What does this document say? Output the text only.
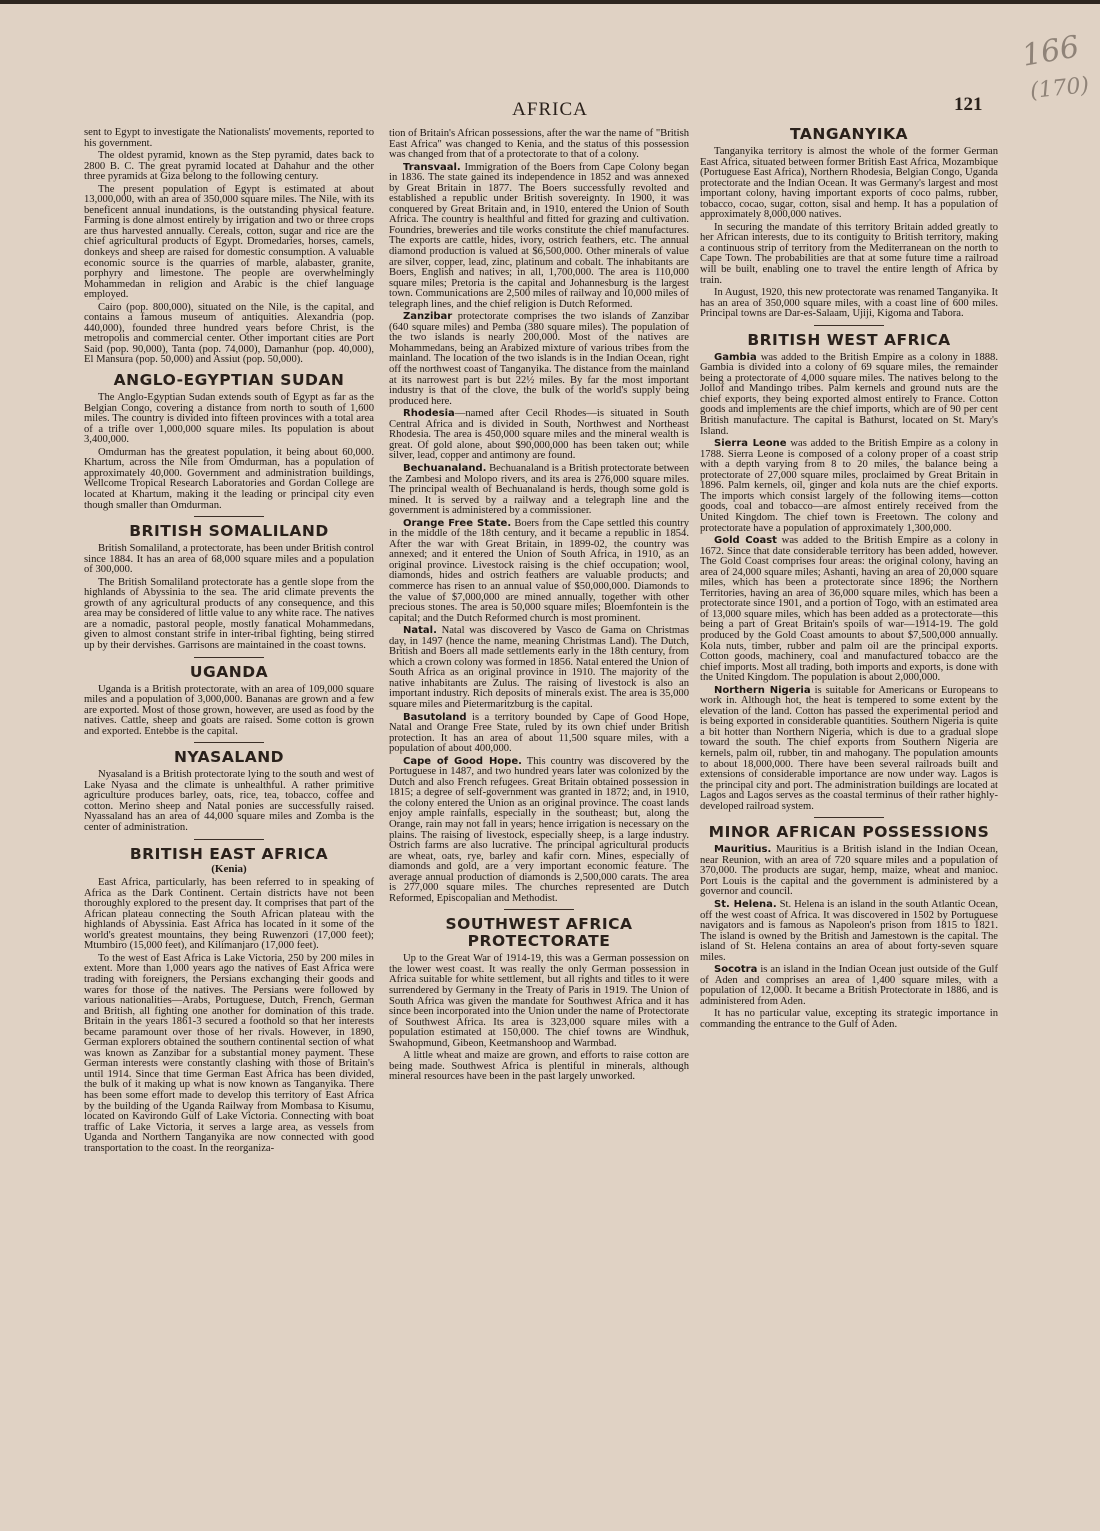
166
(170)
AFRICA	121

sent to Egypt to investigate the Nationalists' movements, reported to his government.

The oldest pyramid, known as the Step pyramid, dates back to 2800 B. C. The great pyramid located at Dahahur and the other three pyramids at Giza belong to the following century.

The present population of Egypt is estimated at about 13,000,000, with an area of 350,000 square miles. The Nile, with its beneficent annual inundations, is the outstanding physical feature. Farming is done almost entirely by irrigation and two or three crops are thus harvested annually. Cereals, cotton, sugar and rice are the chief agricultural products of Egypt. Dromedaries, horses, camels, donkeys and sheep are raised for domestic consumption. A valuable economic source is the quarries of marble, alabaster, granite, porphyry and limestone. The people are overwhelmingly Mohammedan in religion and Arabic is the chief language employed.

Cairo (pop. 800,000), situated on the Nile, is the capital, and contains a famous museum of antiquities. Alexandria (pop. 440,000), founded three hundred years before Christ, is the metropolis and commercial center. Other important cities are Port Said (pop. 90,000), Tanta (pop. 74,000), Damanhur (pop. 40,000), El Mansura (pop. 50,000) and Assiut (pop. 50,000).

ANGLO-EGYPTIAN SUDAN

The Anglo-Egyptian Sudan extends south of Egypt as far as the Belgian Congo, covering a distance from north to south of 1,600 miles. The country is divided into fifteen provinces with a total area of a trifle over 1,000,000 square miles. Its population is about 3,400,000.

Omdurman has the greatest population, it being about 60,000. Khartum, across the Nile from Omdurman, has a population of approximately 40,000. Government and administration buildings, Wellcome Tropical Research Laboratories and Gordan College are located at Khartum, making it the leading or principal city even though smaller than Omdurman.

BRITISH SOMALILAND

British Somaliland, a protectorate, has been under British control since 1884. It has an area of 68,000 square miles and a population of 300,000.

The British Somaliland protectorate has a gentle slope from the highlands of Abyssinia to the sea. The arid climate prevents the growth of any agricultural products of any consequence, and this area may be considered of little value to any white race. The natives are a nomadic, pastoral people, mostly fanatical Mohammedans, given to almost constant strife in inter-tribal fighting, being stirred up by their dervishes. Garrisons are maintained in the coast towns.

UGANDA

Uganda is a British protectorate, with an area of 109,000 square miles and a population of 3,000,000. Bananas are grown and a few are exported. Most of those grown, however, are used as food by the natives. Cattle, sheep and goats are raised. Some cotton is grown and exported. Entebbe is the capital.

NYASALAND

Nyasaland is a British protectorate lying to the south and west of Lake Nyasa and the climate is unhealthful. A rather primitive agriculture produces barley, oats, rice, tea, tobacco, coffee and cotton. Merino sheep and Natal ponies are successfully raised. Nyassaland has an area of 44,000 square miles and Zomba is the center of administration.

BRITISH EAST AFRICA
(Kenia)

East Africa, particularly, has been referred to in speaking of Africa as the Dark Continent. Certain districts have not been thoroughly explored to the present day. It comprises that part of the African plateau connecting the South African plateau with the highlands of Abyssinia. East Africa has located in it some of the world's greatest mountains, they being Ruwenzori (17,000 feet); Mtumbiro (15,000 feet), and Kilimanjaro (17,000 feet).

To the west of East Africa is Lake Victoria, 250 by 200 miles in extent. More than 1,000 years ago the natives of East Africa were trading with foreigners, the Persians exchanging their goods and wares for those of the natives. The Persians were followed by various nationalities—Arabs, Portuguese, Dutch, French, German and British, all fighting one another for domination of this trade. Britain in the years 1861-3 secured a foothold so that her interests became paramount over those of her rivals. However, in 1890, German explorers obtained the southern continental section of what was known as Zanzibar for a substantial money payment. These German interests were constantly clashing with those of Britain's until 1914. Since that time German East Africa has been divided, the bulk of it making up what is now known as Tanganyika. There has been some effort made to develop this territory of East Africa by the building of the Uganda Railway from Mombasa to Kisumu, located on Kavirondo Gulf of Lake Victoria. Connecting with boat traffic of Lake Victoria, it serves a large area, as vessels from Uganda and Northern Tanganyika are now connected with good transportation to the coast. In the reorganiza-

tion of Britain's African possessions, after the war the name of "British East Africa" was changed to Kenia, and the status of this possession was changed from that of a protectorate to that of a colony.

Transvaal. Immigration of the Boers from Cape Colony began in 1836. The state gained its independence in 1852 and was annexed by Great Britain in 1877. The Boers successfully revolted and established a republic under British sovereignty. In 1900, it was conquered by Great Britain and, in 1910, entered the Union of South Africa. The country is healthful and fitted for grazing and cultivation. Foundries, breweries and tile works constitute the chief manufactures. The exports are cattle, hides, ivory, ostrich feathers, etc. The annual diamond production is valued at $6,500,000. Other minerals of value are silver, copper, lead, zinc, platinum and cobalt. The inhabitants are Boers, English and natives; in all, 1,700,000. The area is 110,000 square miles; Pretoria is the capital and Johannesburg is the largest town. Communications are 2,500 miles of railway and 10,000 miles of telegraph lines, and the chief religion is Dutch Reformed.

Zanzibar protectorate comprises the two islands of Zanzibar (640 square miles) and Pemba (380 square miles). The population of the two islands is nearly 200,000. Most of the natives are Mohammedans, being an Arabized mixture of various tribes from the mainland. The location of the two islands is in the Indian Ocean, right off the northwest coast of Tanganyika. The distance from the mainland at its narrowest part is but 22½ miles. By far the most important industry is that of the clove, the bulk of the world's supply being produced here.

Rhodesia—named after Cecil Rhodes—is situated in South Central Africa and is divided in South, Northwest and Northeast Rhodesia. The area is 450,000 square miles and the mineral wealth is great. Of gold alone, about $90,000,000 has been taken out; while silver, lead, copper and antimony are found.

Bechuanaland. Bechuanaland is a British protectorate between the Zambesi and Molopo rivers, and its area is 276,000 square miles. The principal wealth of Bechuanaland is herds, though some gold is mined. It is served by a railway and a telegraph line and the government is administered by a commissioner.

Orange Free State. Boers from the Cape settled this country in the middle of the 18th century, and it became a republic in 1854. After the war with Great Britain, in 1899-02, the country was annexed; and it entered the Union of South Africa, in 1910, as an original province. Livestock raising is the chief occupation; wool, diamonds, hides and ostrich feathers are valuable products; and commerce has risen to an annual value of $50,000,000. Diamonds to the value of $7,000,000 are mined annually, together with other precious stones. The area is 50,000 square miles; Bloemfontein is the capital; and the Dutch Reformed church is most prominent.

Natal. Natal was discovered by Vasco de Gama on Christmas day, in 1497 (hence the name, meaning Christmas Land). The Dutch, British and Boers all made settlements early in the 18th century, from which a crown colony was formed in 1856. Natal entered the Union of South Africa as an original province in 1910. The majority of the native inhabitants are Zulus. The raising of livestock is also an important industry. Rich deposits of minerals exist. The area is 35,000 square miles and Pietermaritzburg is the capital.

Basutoland is a territory bounded by Cape of Good Hope, Natal and Orange Free State, ruled by its own chief under British protection. It has an area of about 11,500 square miles, with a population of about 400,000.

Cape of Good Hope. This country was discovered by the Portuguese in 1487, and two hundred years later was colonized by the Dutch and also French refugees. Great Britain obtained possession in 1815; a degree of self-government was granted in 1872; and, in 1910, the colony entered the Union as an original province. The coast lands enjoy ample rainfalls, especially in the southeast; but, along the Orange, rain may not fall in years; hence irrigation is necessary on the plains. The raising of livestock, especially sheep, is a large industry. Ostrich farms are also lucrative. The principal agricultural products are wheat, oats, rye, barley and kafir corn. Mines, especially of diamonds and gold, are a very important economic feature. The average annual production of diamonds is 2,500,000 carats. The area is 277,000 square miles. The churches represented are Dutch Reformed, Episcopalian and Methodist.

SOUTHWEST AFRICA
PROTECTORATE

Up to the Great War of 1914-19, this was a German possession on the lower west coast. It was really the only German possession in Africa suitable for white settlement, but all rights and titles to it were surrendered by Germany in the Treaty of Paris in 1919. The Union of South Africa was given the mandate for Southwest Africa and it has since been incorporated into the Union under the name of Protectorate of Southwest Africa. Its area is 323,000 square miles with a population estimated at 150,000. The chief towns are Windhuk, Swahopmund, Gibeon, Keetmanshoop and Warmbad.

A little wheat and maize are grown, and efforts to raise cotton are being made. Southwest Africa is plentiful in minerals, although mineral resources have been in the past largely unworked.

TANGANYIKA

Tanganyika territory is almost the whole of the former German East Africa, situated between former British East Africa, Mozambique (Portuguese East Africa), Northern Rhodesia, Belgian Congo, Uganda protectorate and the Indian Ocean. It was Germany's largest and most important colony, having important exports of coco palms, rubber, tobacco, cocao, sugar, cotton, sisal and hemp. It has a population of approximately 8,000,000 natives.

In securing the mandate of this territory Britain added greatly to her African interests, due to its contiguity to British territory, making a continuous strip of territory from the Mediterranean on the north to Cape Town. The probabilities are that at some future time a railroad will be built, enabling one to travel the entire length of Africa by train.

In August, 1920, this new protectorate was renamed Tanganyika. It has an area of 350,000 square miles, with a coast line of 600 miles. Principal towns are Dar-es-Salaam, Ujiji, Kigoma and Tabora.

BRITISH WEST AFRICA

Gambia was added to the British Empire as a colony in 1888. Gambia is divided into a colony of 69 square miles, the remainder being a protectorate of 4,000 square miles. The natives belong to the Jollof and Mandingo tribes. Palm kernels and ground nuts are the chief exports, they being exported almost entirely to France. Cotton goods and implements are the chief imports, which are of 90 per cent British manufacture. The capital is Bathurst, located on St. Mary's Island.

Sierra Leone was added to the British Empire as a colony in 1788. Sierra Leone is composed of a colony proper of a coast strip with a depth varying from 8 to 20 miles, the balance being a protectorate of 27,000 square miles, proclaimed by Great Britain in 1896. Palm kernels, oil, ginger and kola nuts are the chief exports. The imports which consist largely of the following items—cotton goods, coal and tobacco—are almost entirely received from the United Kingdom. The chief town is Freetown. The colony and protectorate have a population of approximately 1,300,000.

Gold Coast was added to the British Empire as a colony in 1672. Since that date considerable territory has been added, however. The Gold Coast comprises four areas: the original colony, having an area of 24,000 square miles; Ashanti, having an area of 20,000 square miles, which has been a protectorate since 1896; the Northern Territories, having an area of 36,000 square miles, which has been a protectorate since 1901, and a portion of Togo, with an estimated area of 13,000 square miles, which has been added as a protectorate—this being a part of Great Britain's spoils of war—1914-19. The gold produced by the Gold Coast amounts to about $7,500,000 annually. Kola nuts, timber, rubber and palm oil are the principal exports. Cotton goods, machinery, coal and manufactured tobacco are the chief imports. Most all trading, both imports and exports, is done with the United Kingdom. The population is about 2,000,000.

Northern Nigeria is suitable for Americans or Europeans to work in. Although hot, the heat is tempered to some extent by the elevation of the land. Cotton has passed the experimental period and is being exported in considerable quantities. Southern Nigeria is quite a bit hotter than Northern Nigeria, which is due to a gradual slope toward the south. The chief exports from Southern Nigeria are kernels, palm oil, rubber, tin and mahogany. The population amounts to about 18,000,000. There have been several railroads built and extensions of considerable importance are now under way. Lagos is the principal city and port. The administration buildings are located at Lagos and Lagos serves as the coastal terminus of their rather highly-developed railroad system.

MINOR AFRICAN POSSESSIONS

Mauritius. Mauritius is a British island in the Indian Ocean, near Reunion, with an area of 720 square miles and a population of 370,000. The products are sugar, hemp, maize, wheat and manioc. Port Louis is the capital and the government is administered by a governor and council.

St. Helena. St. Helena is an island in the south Atlantic Ocean, off the west coast of Africa. It was discovered in 1502 by Portuguese navigators and is famous as Napoleon's prison from 1815 to 1821. The island is owned by the British and Jamestown is the capital. The island of St. Helena contains an area of about forty-seven square miles.

Socotra is an island in the Indian Ocean just outside of the Gulf of Aden and comprises an area of 1,400 square miles, with a population of 12,000. It became a British Protectorate in 1886, and is administered from Aden.

It has no particular value, excepting its strategic importance in commanding the entrance to the Gulf of Aden.
